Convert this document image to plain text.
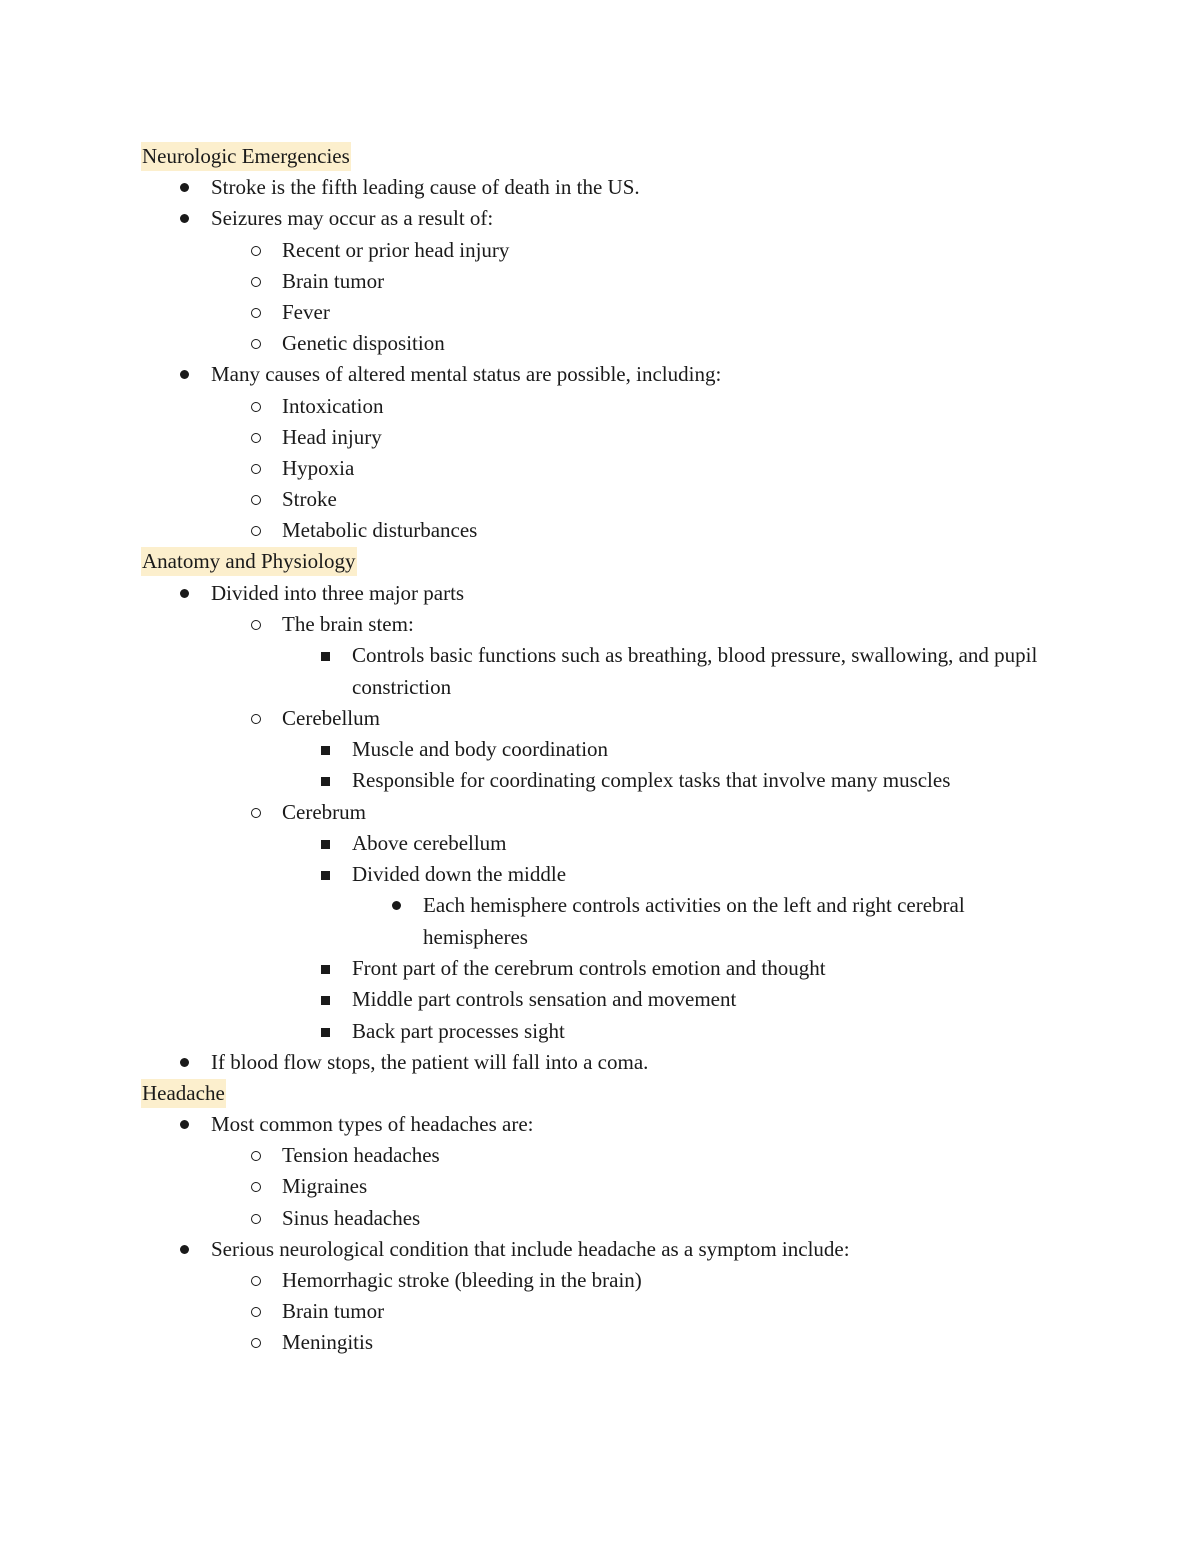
Neurologic Emergencies
Stroke is the fifth leading cause of death in the US.
Seizures may occur as a result of:
Recent or prior head injury
Brain tumor
Fever
Genetic disposition
Many causes of altered mental status are possible, including:
Intoxication
Head injury
Hypoxia
Stroke
Metabolic disturbances
Anatomy and Physiology
Divided into three major parts
The brain stem:
Controls basic functions such as breathing, blood pressure, swallowing, and pupil constriction
Cerebellum
Muscle and body coordination
Responsible for coordinating complex tasks that involve many muscles
Cerebrum
Above cerebellum
Divided down the middle
Each hemisphere controls activities on the left and right cerebral hemispheres
Front part of the cerebrum controls emotion and thought
Middle part controls sensation and movement
Back part processes sight
If blood flow stops, the patient will fall into a coma.
Headache
Most common types of headaches are:
Tension headaches
Migraines
Sinus headaches
Serious neurological condition that include headache as a symptom include:
Hemorrhagic stroke (bleeding in the brain)
Brain tumor
Meningitis
